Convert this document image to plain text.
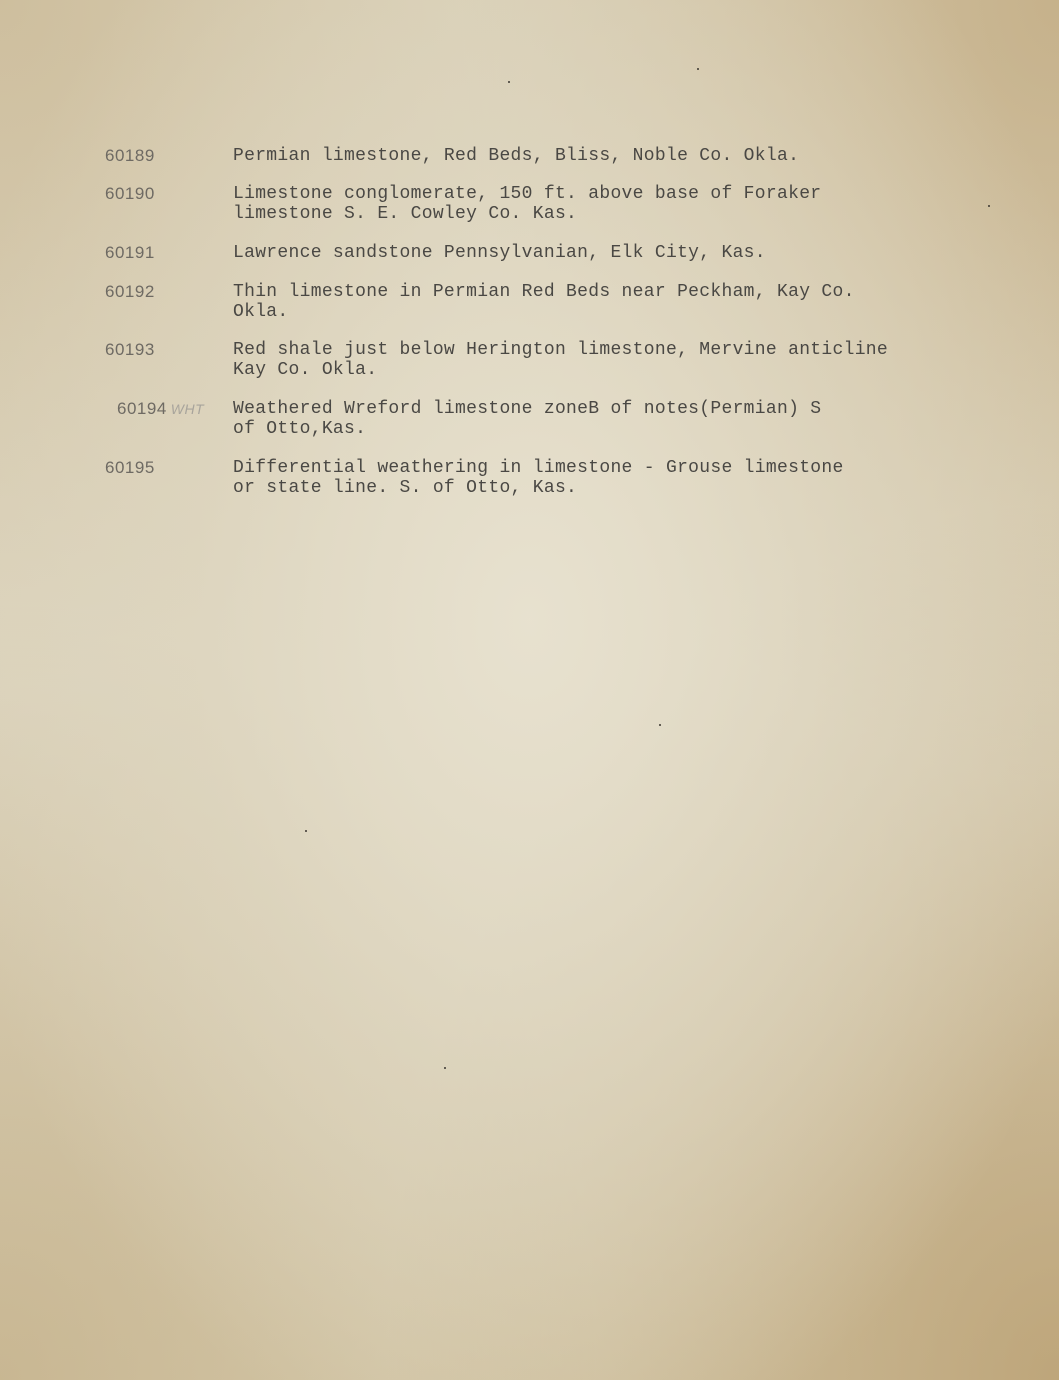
60189	Permian limestone, Red Beds, Bliss, Noble Co. Okla.
60190	Limestone conglomerate, 150 ft. above base of Foraker
limestone S. E. Cowley Co. Kas.
60191	Lawrence sandstone Pennsylvanian, Elk City, Kas.
60192	Thin limestone in Permian Red Beds near Peckham, Kay Co.
Okla.
60193	Red shale just below Herington limestone, Mervine anticline
Kay Co. Okla.
60194 WHT Weathered Wreford limestone zoneB of notes(Permian) S
of Otto,Kas.
60195	Differential weathering in limestone - Grouse limestone
or state line. S. of Otto, Kas.
